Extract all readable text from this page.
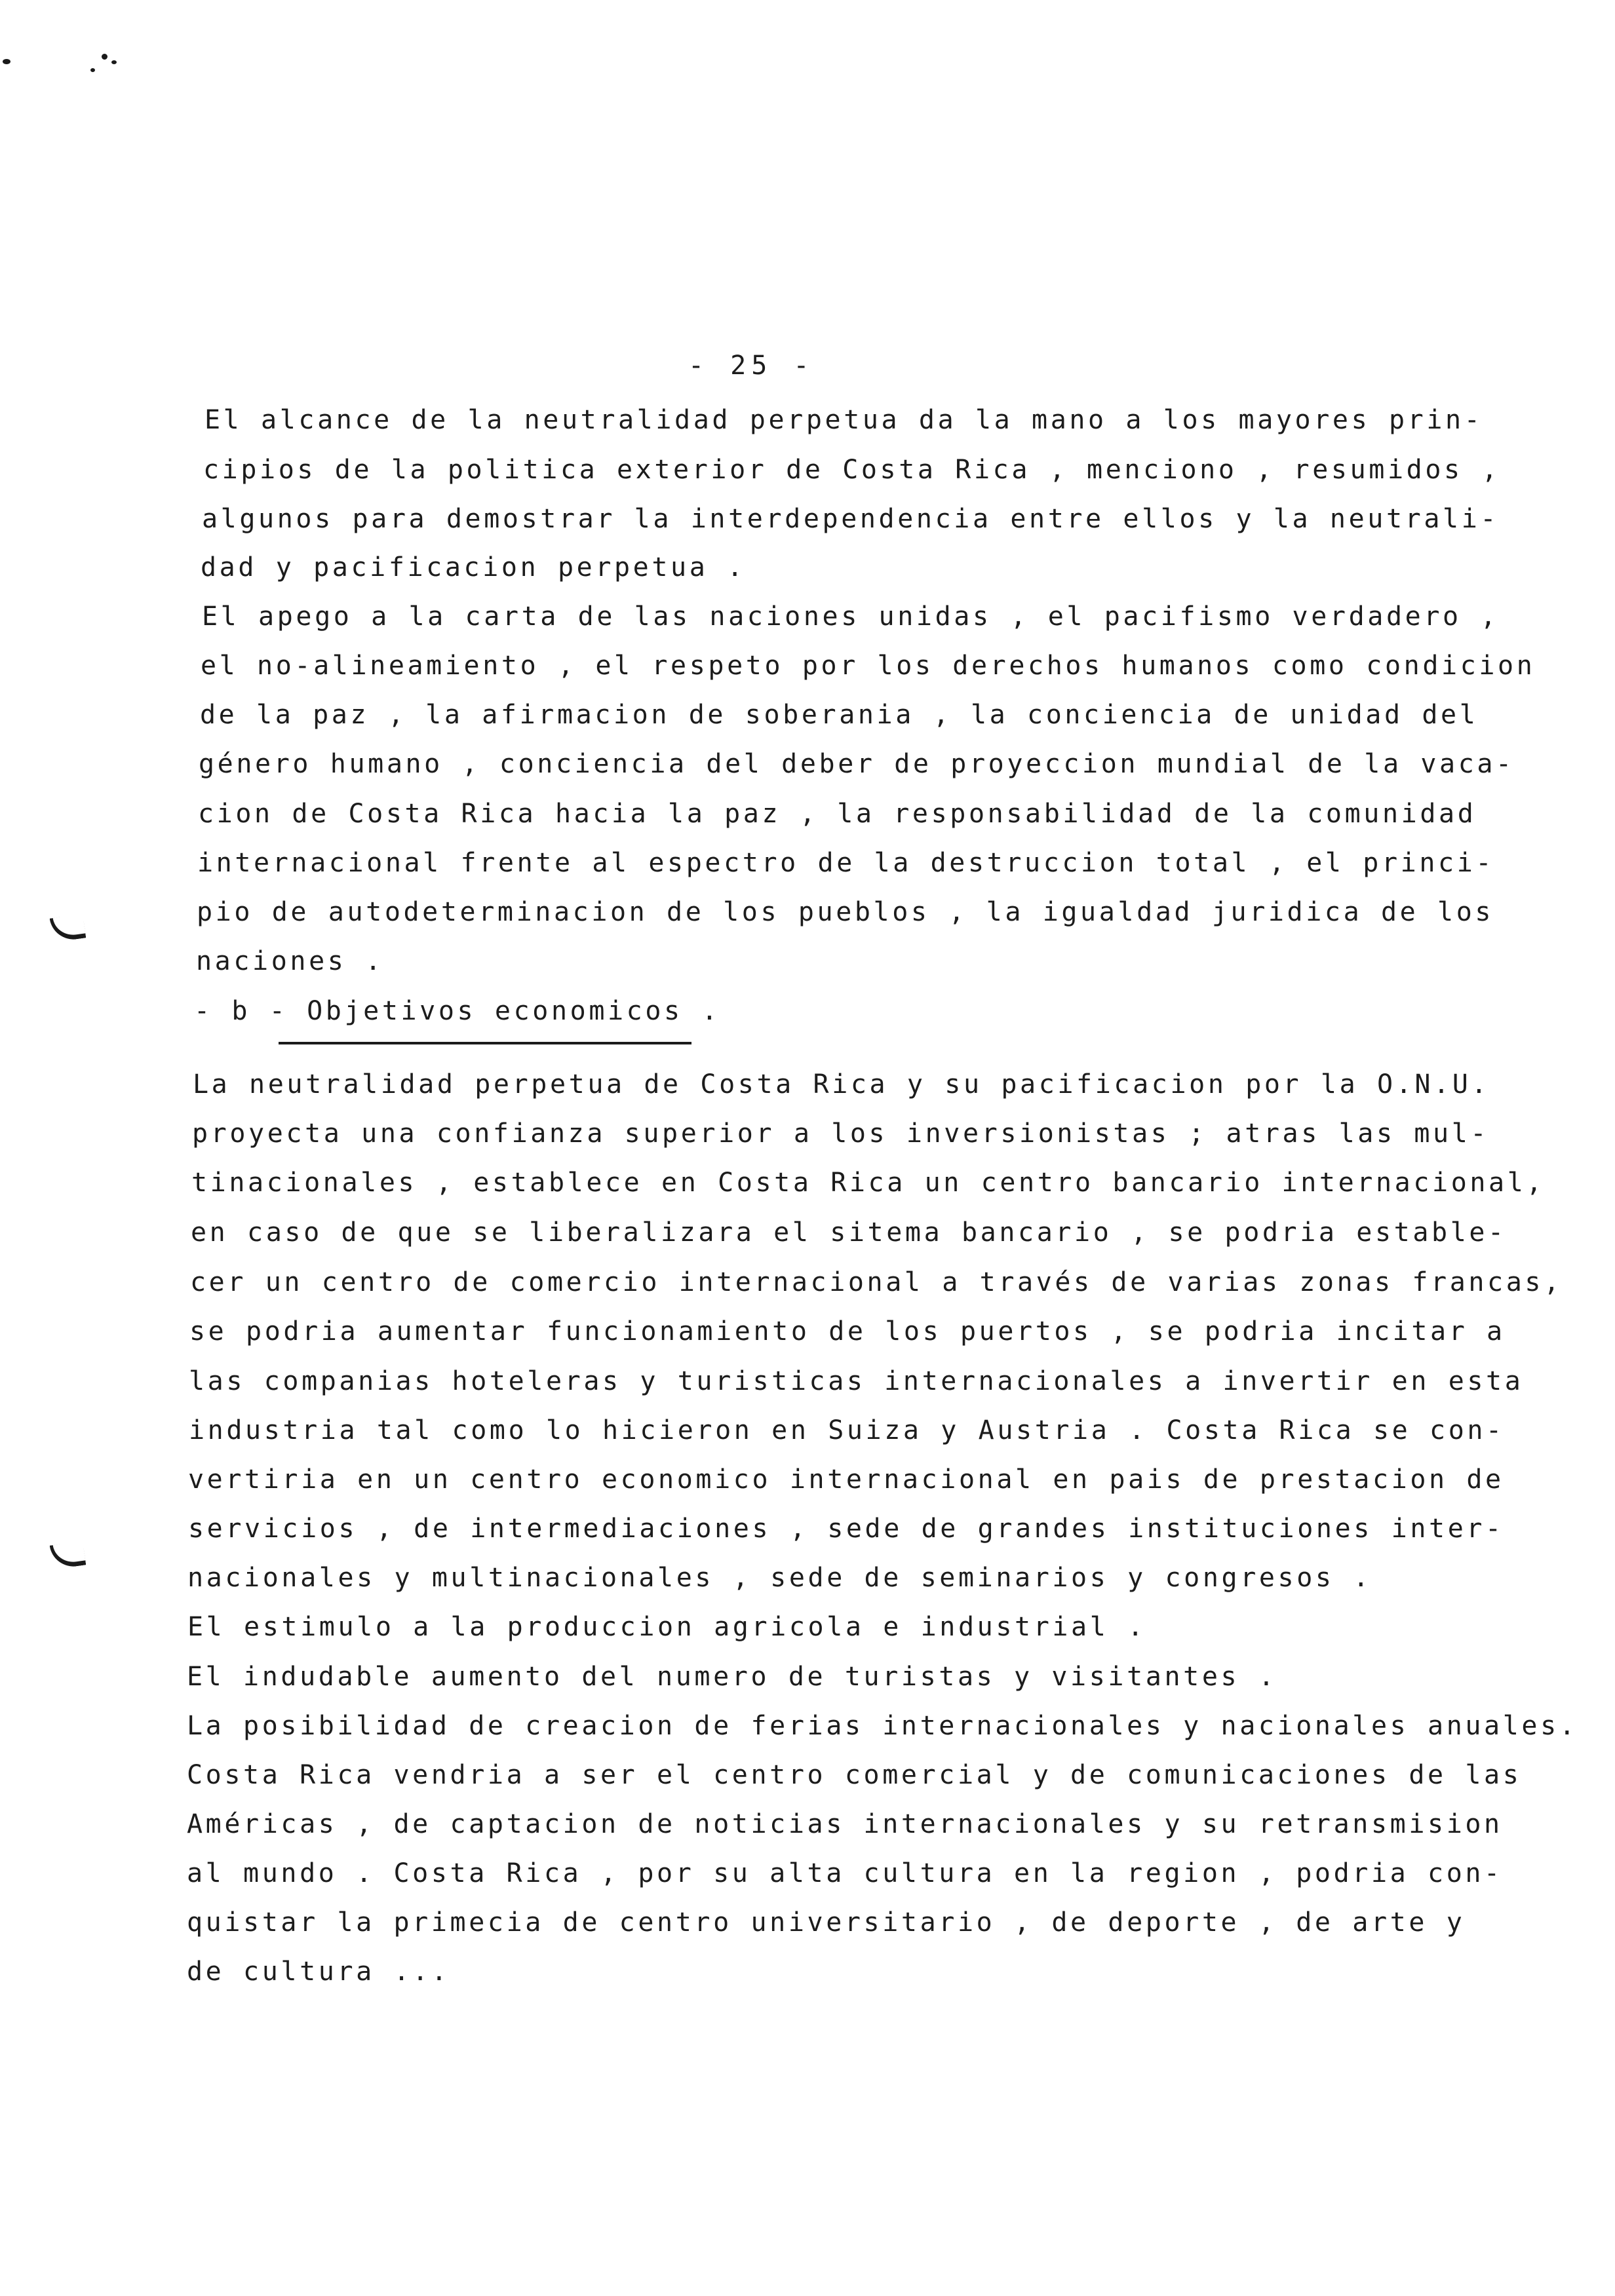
- 25 -
El alcance de la neutralidad perpetua da la mano a los mayores prin-
cipios de la politica exterior de Costa Rica , menciono , resumidos ,
algunos para demostrar la interdependencia entre ellos y la neutrali-
dad y pacificacion perpetua .
El apego a la carta de las naciones unidas , el pacifismo verdadero ,
el no-alineamiento , el respeto por los derechos humanos como condicion
de la paz , la afirmacion de soberania , la conciencia de unidad del
género humano , conciencia del deber de proyeccion mundial de la vaca-
cion de Costa Rica hacia la paz , la responsabilidad de la comunidad
internacional frente al espectro de la destruccion total , el princi-
pio de autodeterminacion de los pueblos , la igualdad juridica de los
naciones .
- b - Objetivos economicos .
La neutralidad perpetua de Costa Rica y su pacificacion por la O.N.U.
proyecta una confianza superior a los inversionistas ; atras las mul-
tinacionales , establece en Costa Rica un centro bancario internacional,
en caso de que se liberalizara el sitema bancario , se podria estable-
cer un centro de comercio internacional a través de varias zonas francas,
se podria aumentar funcionamiento de los puertos , se podria incitar a
las companias hoteleras y turisticas internacionales a invertir en esta
industria tal como lo hicieron en Suiza y Austria . Costa Rica se con-
vertiria en un centro economico internacional en pais de prestacion de
servicios , de intermediaciones , sede de grandes instituciones inter-
nacionales y multinacionales , sede de seminarios y congresos .
El estimulo a la produccion agricola e industrial .
El indudable aumento del numero de turistas y visitantes .
La posibilidad de creacion de ferias internacionales y nacionales anuales.
Costa Rica vendria a ser el centro comercial y de comunicaciones de las
Américas , de captacion de noticias internacionales y su retransmision
al mundo . Costa Rica , por su alta cultura en la region , podria con-
quistar la primecia de centro universitario , de deporte , de arte y
de cultura ...
